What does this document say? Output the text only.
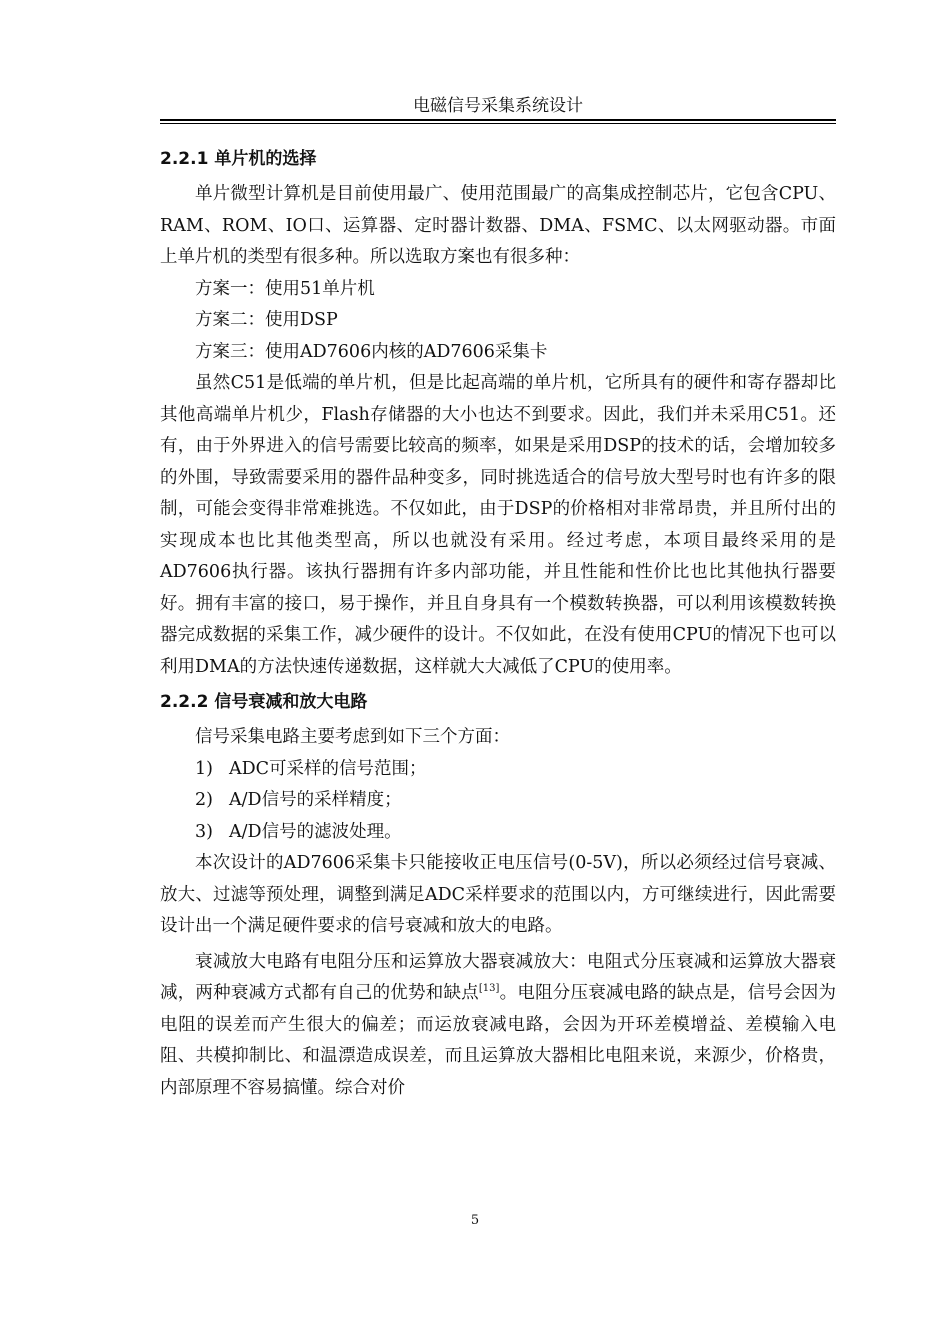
电磁信号采集系统设计
2.2.1 单片机的选择

单片微型计算机是目前使用最广、使用范围最广的高集成控制芯片，它包含CPU、RAM、ROM、IO口、运算器、定时器计数器、DMA、FSMC、以太网驱动器。市面上单片机的类型有很多种。所以选取方案也有很多种：

方案一：使用51单片机

方案二：使用DSP

方案三：使用AD7606内核的AD7606采集卡

虽然C51是低端的单片机，但是比起高端的单片机，它所具有的硬件和寄存器却比其他高端单片机少，Flash存储器的大小也达不到要求。因此，我们并未采用C51。还有，由于外界进入的信号需要比较高的频率，如果是采用DSP的技术的话，会增加较多的外围，导致需要采用的器件品种变多，同时挑选适合的信号放大型号时也有许多的限制，可能会变得非常难挑选。不仅如此，由于DSP的价格相对非常昂贵，并且所付出的实现成本也比其他类型高，所以也就没有采用。经过考虑，本项目最终采用的是AD7606执行器。该执行器拥有许多内部功能，并且性能和性价比也比其他执行器要好。拥有丰富的接口，易于操作，并且自身具有一个模数转换器，可以利用该模数转换器完成数据的采集工作，减少硬件的设计。不仅如此，在没有使用CPU的情况下也可以利用DMA的方法快速传递数据，这样就大大减低了CPU的使用率。

2.2.2 信号衰减和放大电路

信号采集电路主要考虑到如下三个方面：

1) ADC可采样的信号范围；
2) A/D信号的采样精度；
3) A/D信号的滤波处理。

本次设计的AD7606采集卡只能接收正电压信号(0-5V)，所以必须经过信号衰减、放大、过滤等预处理，调整到满足ADC采样要求的范围以内，方可继续进行，因此需要设计出一个满足硬件要求的信号衰减和放大的电路。

衰减放大电路有电阻分压和运算放大器衰减放大：电阻式分压衰减和运算放大器衰减，两种衰减方式都有自己的优势和缺点[13]。电阻分压衰减电路的缺点是，信号会因为电阻的误差而产生很大的偏差；而运放衰减电路，会因为开环差模增益、差模输入电阻、共模抑制比、和温漂造成误差，而且运算放大器相比电阻来说，来源少，价格贵，内部原理不容易搞懂。综合对价

5
